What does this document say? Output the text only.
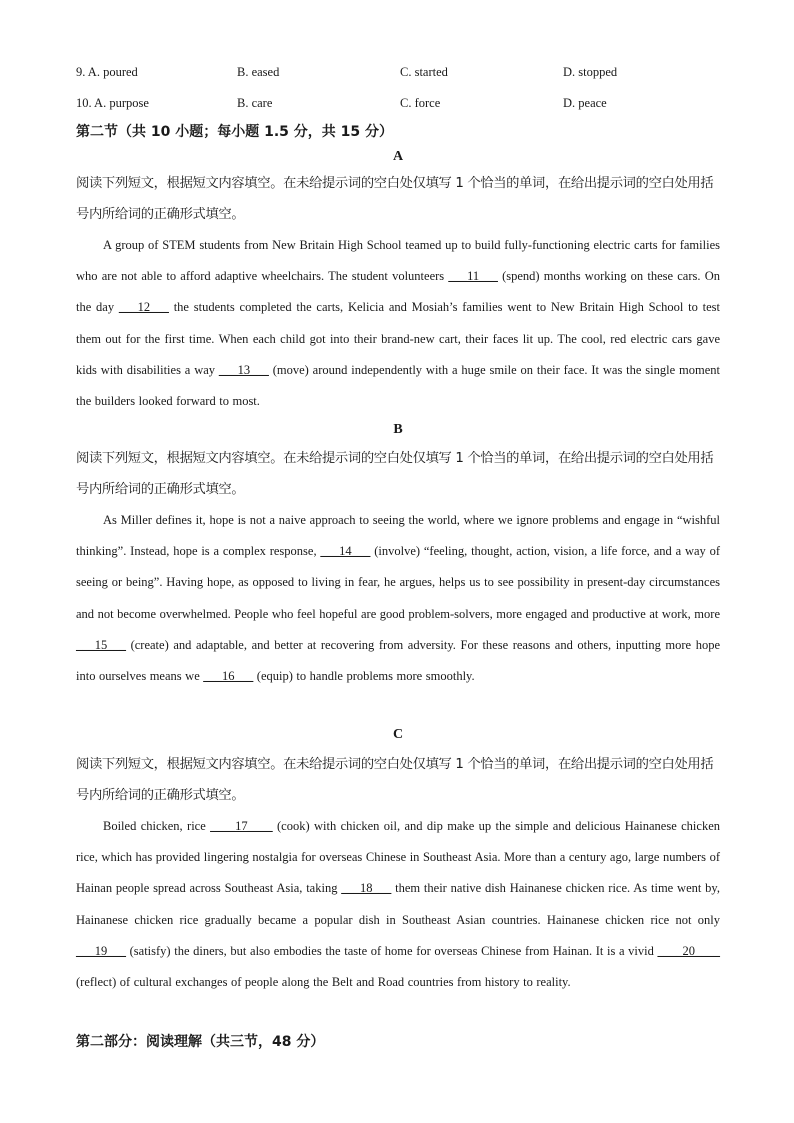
9. A. poured	B. eased	C. started	D. stopped
10. A. purpose	B. care	C. force	D. peace
第二节（共 10 小题；每小题 1.5 分，共 15 分）
A
阅读下列短文，根据短文内容填空。在未给提示词的空白处仅填写 1 个恰当的单词，在给出提示词的空白处用括号内所给词的正确形式填空。
A group of STEM students from New Britain High School teamed up to build fully-functioning electric carts for families who are not able to afford adaptive wheelchairs. The student volunteers ___11___ (spend) months working on these cars. On the day ___12___ the students completed the carts, Kelicia and Mosiah’s families went to New Britain High School to test them out for the first time. When each child got into their brand-new cart, their faces lit up. The cool, red electric cars gave kids with disabilities a way ___13___ (move) around independently with a huge smile on their face. It was the single moment the builders looked forward to most.
B
阅读下列短文，根据短文内容填空。在未给提示词的空白处仅填写 1 个恰当的单词，在给出提示词的空白处用括号内所给词的正确形式填空。
As Miller defines it, hope is not a naive approach to seeing the world, where we ignore problems and engage in “wishful thinking”. Instead, hope is a complex response, ___14___ (involve) “feeling, thought, action, vision, a life force, and a way of seeing or being”. Having hope, as opposed to living in fear, he argues, helps us to see possibility in present-day circumstances and not become overwhelmed. People who feel hopeful are good problem-solvers, more engaged and productive at work, more ___15___ (create) and adaptable, and better at recovering from adversity. For these reasons and others, inputting more hope into ourselves means we ___16___ (equip) to handle problems more smoothly.
C
阅读下列短文，根据短文内容填空。在未给提示词的空白处仅填写 1 个恰当的单词，在给出提示词的空白处用括号内所给词的正确形式填空。
Boiled chicken, rice ____17____ (cook) with chicken oil, and dip make up the simple and delicious Hainanese chicken rice, which has provided lingering nostalgia for overseas Chinese in Southeast Asia. More than a century ago, large numbers of Hainan people spread across Southeast Asia, taking ___18___ them their native dish Hainanese chicken rice. As time went by, Hainanese chicken rice gradually became a popular dish in Southeast Asian countries. Hainanese chicken rice not only ___19___ (satisfy) the diners, but also embodies the taste of home for overseas Chinese from Hainan. It is a vivid ____20____ (reflect) of cultural exchanges of people along the Belt and Road countries from history to reality.
第二部分：阅读理解（共三节，48 分）
